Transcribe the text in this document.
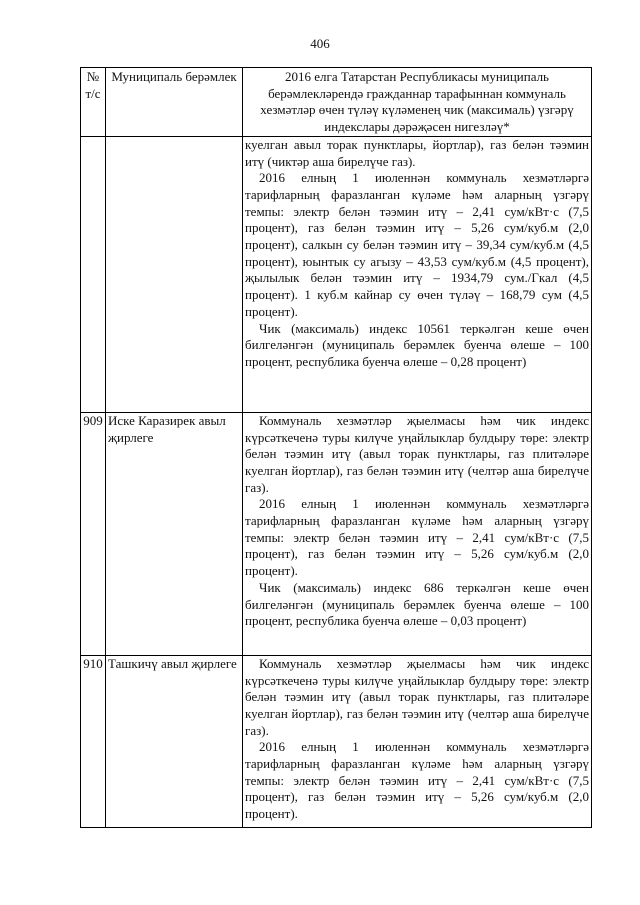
406
№ т/с	Муниципаль берәмлек	2016 елга Татарстан Республикасы муниципаль берәмлекләрендә гражданнар тарафыннан коммуналь хезмәтләр өчен түләү күләменең чик (максималь) үзгәрү индекслары дәрәҗәсен нигезләү*

		куелган авыл торак пунктлары, йортлар), газ белән тәэмин итү (чиктәр аша бирелүче газ).

2016 елның 1 июленнән коммуналь хезмәтләргә тарифларның фаразланган күләме һәм аларның үзгәрү темпы: электр белән тәэмин итү – 2,41 сум/кВт·с (7,5 процент), газ белән тәэмин итү – 5,26 сум/куб.м (2,0 процент), салкын су белән тәэмин итү – 39,34 сум/куб.м (4,5 процент), юынтык су агызу – 43,53 сум/куб.м (4,5 процент), җылылык белән тәэмин итү – 1934,79 сум./Гкал (4,5 процент). 1 куб.м кайнар су өчен түләү – 168,79 сум (4,5 процент).

Чик (максималь) индекс 10561 теркәлгән кеше өчен билгеләнгән (муниципаль берәмлек буенча өлеше – 100 процент, республика буенча өлеше – 0,28 процент)

909	Иске Каразирек авыл җирлеге	Коммуналь хезмәтләр җыелмасы һәм чик индекс күрсәткеченә туры килүче уңайлыклар булдыру төре: электр белән тәэмин итү (авыл торак пунктлары, газ плитәләре куелган йортлар), газ белән тәэмин итү (челтәр аша бирелүче газ).

2016 елның 1 июленнән коммуналь хезмәтләргә тарифларның фаразланган күләме һәм аларның үзгәрү темпы: электр белән тәэмин итү – 2,41 сум/кВт·с (7,5 процент), газ белән тәэмин итү – 5,26 сум/куб.м (2,0 процент).

Чик (максималь) индекс 686 теркәлгән кеше өчен билгеләнгән (муниципаль берәмлек буенча өлеше – 100 процент, республика буенча өлеше – 0,03 процент)

910	Ташкичү авыл җирлеге	Коммуналь хезмәтләр җыелмасы һәм чик индекс күрсәткеченә туры килүче уңайлыклар булдыру төре: электр белән тәэмин итү (авыл торак пунктлары, газ плитәләре куелган йортлар), газ белән тәэмин итү (челтәр аша бирелүче газ).

2016 елның 1 июленнән коммуналь хезмәтләргә тарифларның фаразланган күләме һәм аларның үзгәрү темпы: электр белән тәэмин итү – 2,41 сум/кВт·с (7,5 процент), газ белән тәэмин итү – 5,26 сум/куб.м (2,0 процент).
